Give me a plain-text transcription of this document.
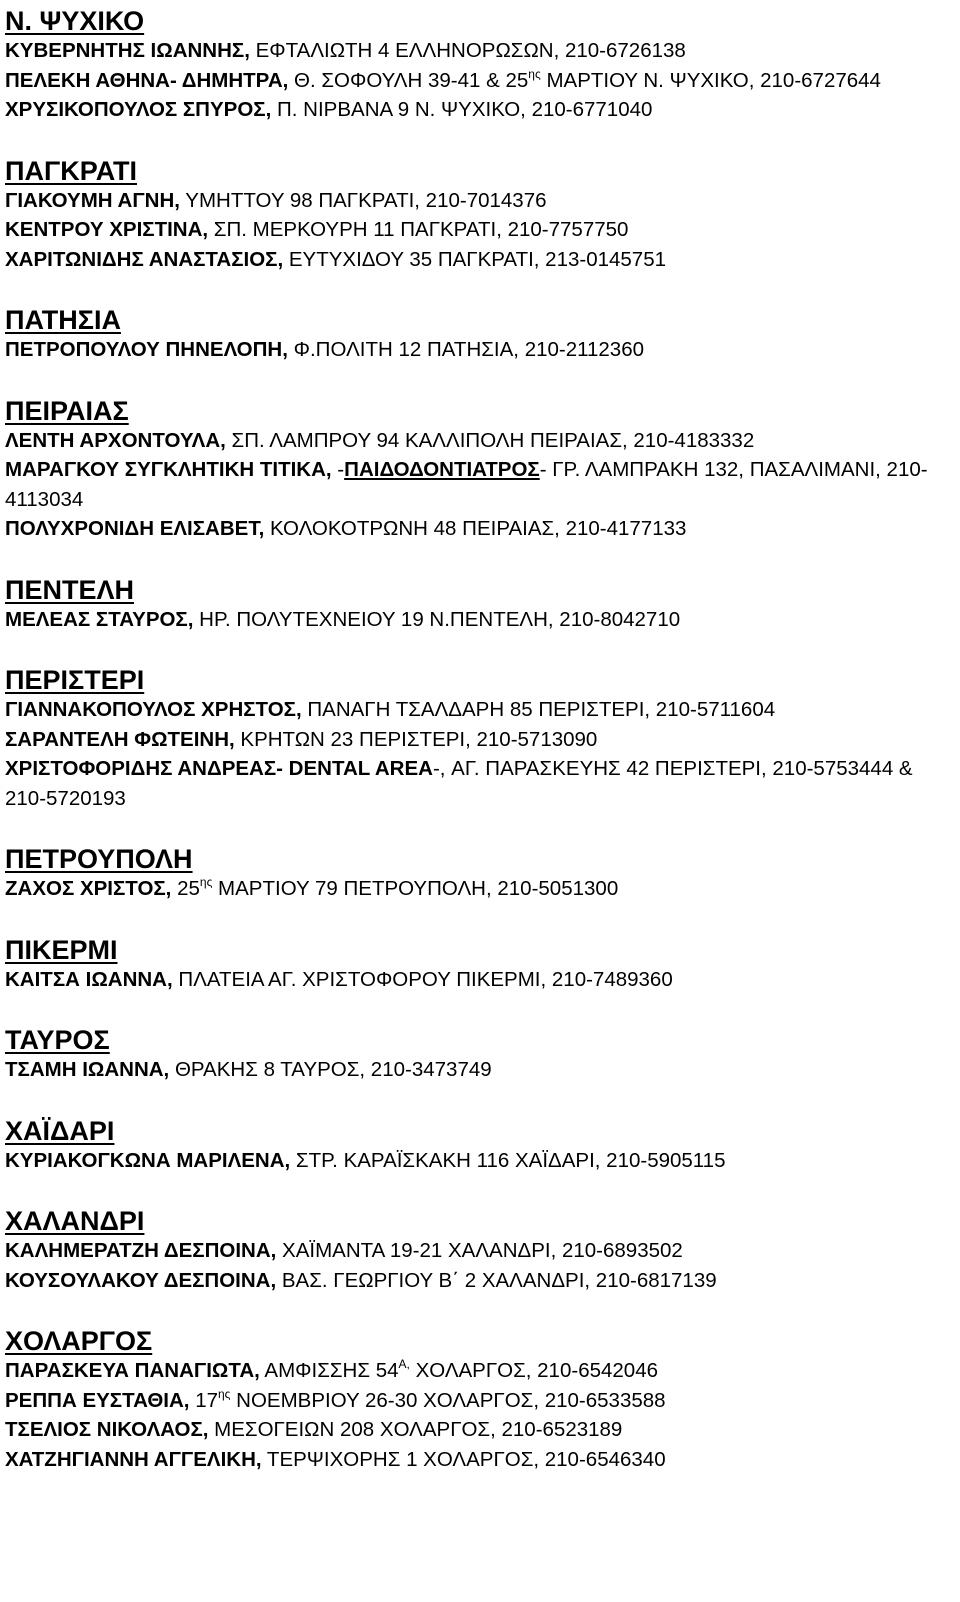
Ν. ΨΥΧΙΚΟ
ΚΥΒΕΡΝΗΤΗΣ ΙΩΑΝΝΗΣ, ΕΦΤΑΛΙΩΤΗ 4 ΕΛΛΗΝΟΡΩΣΩΝ, 210-6726138
ΠΕΛΕΚΗ ΑΘΗΝΑ- ΔΗΜΗΤΡΑ, Θ. ΣΟΦΟΥΛΗ 39-41 & $25^{\eta\varsigma}$ ΜΑΡΤΙΟΥ Ν. ΨΥΧΙΚΟ, 210-6727644
ΧΡΥΣΙΚΟΠΟΥΛΟΣ ΣΠΥΡΟΣ, Π. ΝΙΡΒΑΝΑ 9 Ν. ΨΥΧΙΚΟ, 210-6771040
ΠΑΓΚΡΑΤΙ
ΓΙΑΚΟΥΜΗ ΑΓΝΗ, ΥΜΗΤΤΟΥ 98 ΠΑΓΚΡΑΤΙ, 210-7014376
ΚΕΝΤΡΟΥ ΧΡΙΣΤΙΝΑ, ΣΠ. ΜΕΡΚΟΥΡΗ 11 ΠΑΓΚΡΑΤΙ, 210-7757750
ΧΑΡΙΤΩΝΙΔΗΣ ΑΝΑΣΤΑΣΙΟΣ, ΕΥΤΥΧΙΔΟΥ 35 ΠΑΓΚΡΑΤΙ, 213-0145751
ΠΑΤΗΣΙΑ
ΠΕΤΡΟΠΟΥΛΟΥ ΠΗΝΕΛΟΠΗ, Φ.ΠΟΛΙΤΗ 12 ΠΑΤΗΣΙΑ, 210-2112360
ΠΕΙΡΑΙΑΣ
ΛΕΝΤΗ ΑΡΧΟΝΤΟΥΛΑ, ΣΠ. ΛΑΜΠΡΟΥ 94 ΚΑΛΛΙΠΟΛΗ ΠΕΙΡΑΙΑΣ, 210-4183332
ΜΑΡΑΓΚΟΥ ΣΥΓΚΛΗΤΙΚΗ ΤΙΤΙΚΑ, -ΠΑΙΔΟΔΟΝΤΙΑΤΡΟΣ- ΓΡ. ΛΑΜΠΡΑΚΗ 132, ΠΑΣΑΛΙΜΑΝΙ, 210-4113034
ΠΟΛΥΧΡΟΝΙΔΗ ΕΛΙΣΑΒΕΤ, ΚΟΛΟΚΟΤΡΩΝΗ 48 ΠΕΙΡΑΙΑΣ, 210-4177133
ΠΕΝΤΕΛΗ
ΜΕΛΕΑΣ ΣΤΑΥΡΟΣ, ΗΡ. ΠΟΛΥΤΕΧΝΕΙΟΥ 19 Ν.ΠΕΝΤΕΛΗ, 210-8042710
ΠΕΡΙΣΤΕΡΙ
ΓΙΑΝΝΑΚΟΠΟΥΛΟΣ ΧΡΗΣΤΟΣ, ΠΑΝΑΓΗ ΤΣΑΛΔΑΡΗ 85 ΠΕΡΙΣΤΕΡΙ, 210-5711604
ΣΑΡΑΝΤΕΛΗ ΦΩΤΕΙΝΗ, ΚΡΗΤΩΝ 23 ΠΕΡΙΣΤΕΡΙ, 210-5713090
ΧΡΙΣΤΟΦΟΡΙΔΗΣ ΑΝΔΡΕΑΣ- DENTAL AREA-, ΑΓ. ΠΑΡΑΣΚΕΥΗΣ 42 ΠΕΡΙΣΤΕΡΙ, 210-5753444 & 210-5720193
ΠΕΤΡΟΥΠΟΛΗ
ΖΑΧΟΣ ΧΡΙΣΤΟΣ, $25^{\eta\varsigma}$ ΜΑΡΤΙΟΥ 79 ΠΕΤΡΟΥΠΟΛΗ, 210-5051300
ΠΙΚΕΡΜΙ
ΚΑΙΤΣΑ ΙΩΑΝΝΑ, ΠΛΑΤΕΙΑ ΑΓ. ΧΡΙΣΤΟΦΟΡΟΥ ΠΙΚΕΡΜΙ, 210-7489360
ΤΑΥΡΟΣ
ΤΣΑΜΗ ΙΩΑΝΝΑ, ΘΡΑΚΗΣ 8 ΤΑΥΡΟΣ, 210-3473749
ΧΑΪΔΑΡΙ
ΚΥΡΙΑΚΟΓΚΩΝΑ ΜΑΡΙΛΕΝΑ, ΣΤΡ. ΚΑΡΑΪΣΚΑΚΗ 116 ΧΑΪΔΑΡΙ, 210-5905115
ΧΑΛΑΝΔΡΙ
ΚΑΛΗΜΕΡΑΤΖΗ ΔΕΣΠΟΙΝΑ, ΧΑΪΜΑΝΤΑ 19-21 ΧΑΛΑΝΔΡΙ, 210-6893502
ΚΟΥΣΟΥΛΑΚΟΥ ΔΕΣΠΟΙΝΑ, ΒΑΣ. ΓΕΩΡΓΙΟΥ Β΄ 2 ΧΑΛΑΝΔΡΙ, 210-6817139
ΧΟΛΑΡΓΟΣ
ΠΑΡΑΣΚΕΥΑ ΠΑΝΑΓΙΩΤΑ, ΑΜΦΙΣΣΗΣ $54^{A,}$ ΧΟΛΑΡΓΟΣ, 210-6542046
ΡΕΠΠΑ ΕΥΣΤΑΘΙΑ, $17^{\eta\varsigma}$ ΝΟΕΜΒΡΙΟΥ 26-30 ΧΟΛΑΡΓΟΣ, 210-6533588
ΤΣΕΛΙΟΣ ΝΙΚΟΛΑΟΣ, ΜΕΣΟΓΕΙΩΝ 208 ΧΟΛΑΡΓΟΣ, 210-6523189
ΧΑΤΖΗΓΙΑΝΝΗ ΑΓΓΕΛΙΚΗ, ΤΕΡΨΙΧΟΡΗΣ 1 ΧΟΛΑΡΓΟΣ, 210-6546340
